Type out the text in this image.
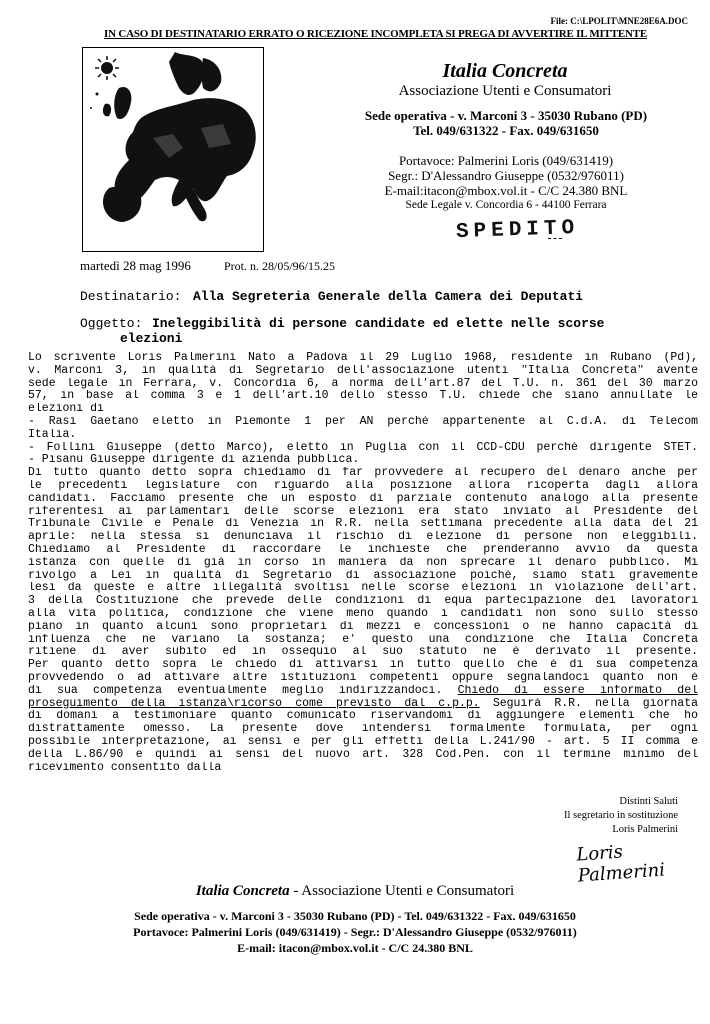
File: C:\LPOLIT\MNE28E6A.DOC
IN CASO DI DESTINATARIO ERRATO O RICEZIONE INCOMPLETA SI PREGA DI AVVERTIRE IL MITTENTE
Italia Concreta
Associazione Utenti e Consumatori
Sede operativa - v. Marconi 3 - 35030 Rubano (PD)
Tel. 049/631322 - Fax. 049/631650
Portavoce: Palmerini Loris (049/631419)
Segr.: D'Alessandro Giuseppe (0532/976011)
E-mail:itacon@mbox.vol.it - C/C 24.380 BNL
Sede Legale v. Concordia 6 - 44100 Ferrara
SPEDITO
martedì 28 mag 1996	Prot. n. 28/05/96/15.25
Destinatario: Alla Segreteria Generale della Camera dei Deputati
Oggetto: Ineleggibilità di persone candidate ed elette nelle scorse
elezioni
Lo scrivente Loris Palmerini Nato a Padova il 29 Luglio 1968, residente in Rubano (Pd),
v. Marconi 3, in qualità di Segretario dell'associazione utenti "Italia Concreta" avente
sede legale in Ferrara, v. Concordia 6, a norma dell'art.87 del T.U. n. 361 del 30 marzo
57, in base al comma 3 e 1 dell'art.10 dello stesso T.U. chiede che siano annullate le
elezioni di
- Rasi Gaetano eletto in Piemonte 1 per AN perché appartenente al C.d.A. di Telecom
Italia.
- Follini Giuseppe (detto Marco), eletto in Puglia con il CCD-CDU perché dirigente STET.
- Pisanu Giuseppe dirigente di azienda pubblica.
Di tutto quanto detto sopra chiediamo di far provvedere al recupero del denaro anche per
le precedenti legislature con riguardo alla posizione allora ricoperta dagli allora
candidati. Facciamo presente che un esposto di parziale contenuto analogo alla presente
riferentesi ai parlamentari delle scorse elezioni era stato inviato al Presidente del
Tribunale Civile e Penale di Venezia in R.R. nella settimana precedente alla data del 21
aprile: nella stessa si denunciava il rischio di elezione di persone non eleggibili.
Chiediamo al Presidente di raccordare le inchieste che prenderanno avvio da questa
istanza con quelle di già in corso in maniera da non sprecare il denaro pubblico. Mi
rivolgo a Lei in qualità di Segretario di associazione poiché, siamo stati gravemente
lesi da queste e altre illegalità svoltisi nelle scorse elezioni in violazione dell'art.
3 della Costituzione che prevede delle condizioni di equa partecipazione dei lavoratori
alla vita politica, condizione che viene meno quando i candidati non sono sullo stesso
piano in quanto alcuni sono proprietari di mezzi e concessioni o ne hanno capacità di
influenza che ne variano la sostanza; e' questo una condizione che Italia Concreta
ritiene di aver subito ed in ossequio al suo statuto ne è derivato il presente.
Per quanto detto sopra le chiedo di attivarsi in tutto quello che è di sua competenza
provvedendo o ad attivare altre istituzioni competenti oppure segnalandoci quanto non è
di sua competenza eventualmente meglio indirizzandoci. Chiedo di essere informato del
proseguimento della istanza\ricorso come previsto dal c.p.p. Seguirà R.R. nella giornata
di domani a testimoniare quanto comunicato riservandomi di aggiungere elementi che ho
distrattamente omesso. La presente dove intendersi formalmente formulata, per ogni
possibile interpretazione, ai sensi e per gli effetti della L.241/90 - art. 5 II comma e
della L.86/90 e quindi ai sensi del nuovo art. 328 Cod.Pen. con il termine minimo del
ricevimento consentito dalla
Distinti Saluti
Il segretario in sostituzione
Loris Palmerini
Loris Palmerini
Italia Concreta - Associazione Utenti e Consumatori
Sede operativa - v. Marconi 3 - 35030 Rubano (PD) - Tel. 049/631322 - Fax. 049/631650
Portavoce: Palmerini Loris (049/631419) - Segr.: D'Alessandro Giuseppe (0532/976011)
E-mail: itacon@mbox.vol.it - C/C 24.380 BNL
